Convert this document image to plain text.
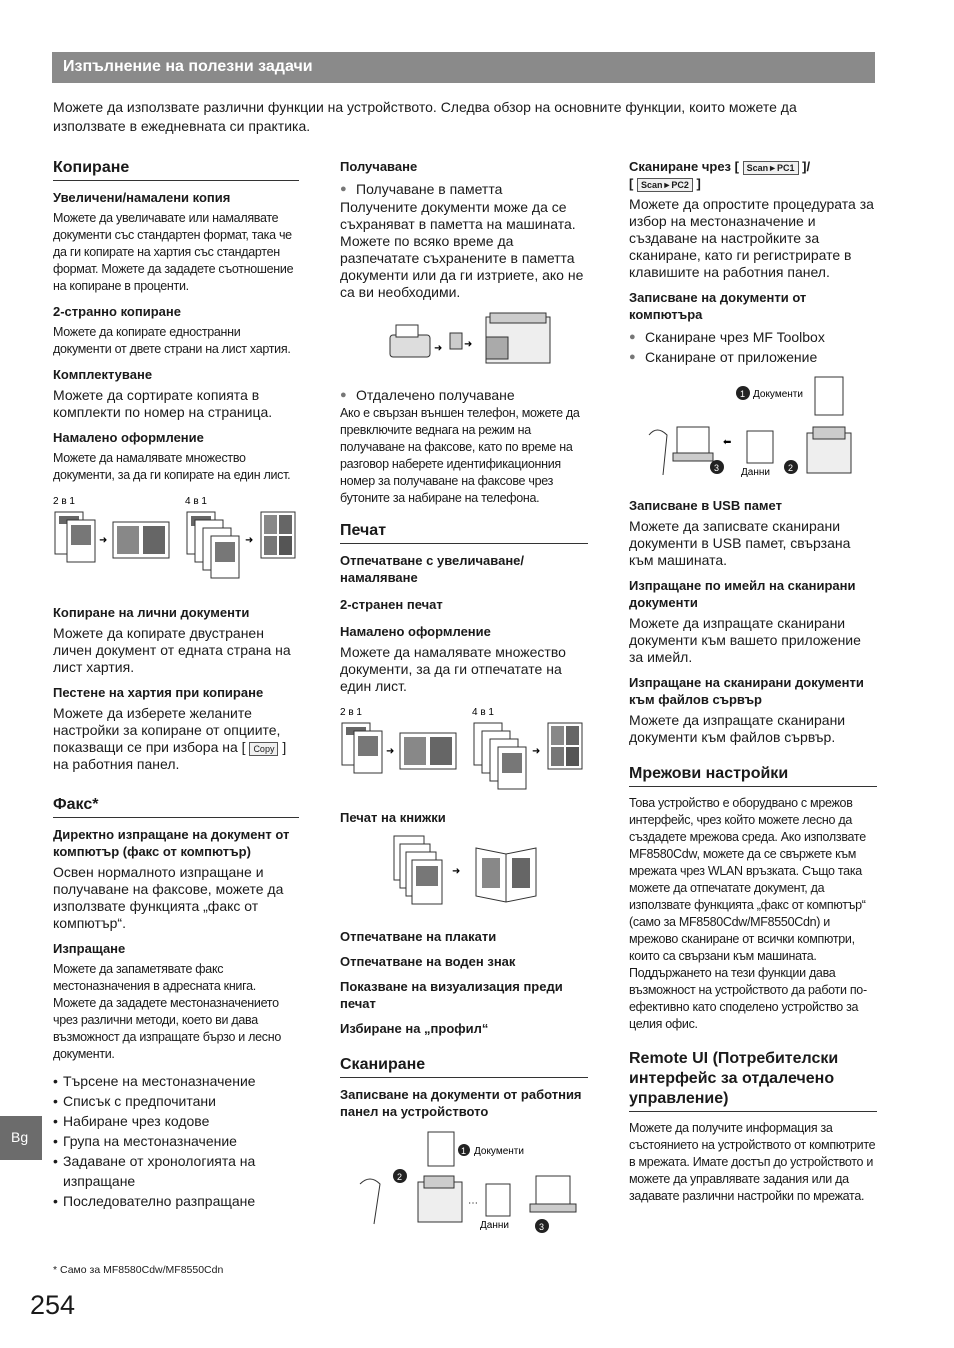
Изпълнение на полезни задачи
Можете да използвате различни функции на устройството. Следва обзор на основните функции, които можете да използвате в ежедневната си практика.
Копиране
Увеличени/намалени копия

Можете да увеличавате или намалявате документи със стандартен формат, така че да ги копирате на хартия със стандартен формат. Можете да зададете съотношение на копиране в проценти.

2-странно копиране

Можете да копирате едностранни документи от двете страни на лист хартия.

Комплектуване

Можете да сортирате копията в комплекти по номер на страница.

Намалено оформление

Можете да намалявате множество документи, за да ги копирате на един лист.

2 в 1	4 в 1
➜	➜
Копиране на лични документи

Можете да копирате двустранен личен документ от едната страна на лист хартия.

Пестене на хартия при копиране

Можете да изберете желаните настройки за копиране от опциите, показващи се при избора на [ Copy ] на работния панел.

Факс*
Директно изпращане на документ от компютър (факс от компютър)

Освен нормалното изпращане и получаване на факсове, можете да използвате функцията „факс от компютър“.

Изпращане

Можете да запаметявате факс местоназначения в адресната книга. Можете да зададете местоназначението чрез различни методи, което ви дава възможност да изпращате бързо и лесно документи.

• Търсене на местоназначение
• Списък с предпочитани
• Набиране чрез кодове
• Група на местоназначение
• Задаване от хронологията на изпращане
• Последователно разпращане
Получаване
● Получаване в паметта

Получените документи може да се съхраняват в паметта на машината. Можете по всяко време да разпечатате съхранените в паметта документи или да ги изтриете, ако не са ви необходими.

➜ ➜
● Отдалечено получаване

Ако е свързан външен телефон, можете да превключите веднага на режим на получаване на факсове, като по време на разговор наберете идентификационния номер за получаване на факсове чрез бутоните за набиране на телефона.

Печат
Отпечатване с увеличаване/намаляване
2-странен печат
Намалено оформление

Можете да намалявате множество документи, за да ги отпечатате на един лист.

2 в 1	4 в 1
➜	➜
Печат на книжки
➜
Отпечатване на плакати
Отпечатване на воден знак
Показване на визуализация преди печат
Избиране на „профил“
Сканиране
Записване на документи от работния панел на устройството
1 Документи
2
⋯
Данни	3
Сканиране чрез [ Scan►PC1 ]/
[ Scan►PC2 ]

Можете да опростите процедурата за избор на местоназначение и създаване на настройките за сканиране, като ги регистрирате в клавишите на работния панел.

Записване на документи от компютъра
● Сканиране чрез MF Toolbox
● Сканиране от приложение
1 Документи
3
⬅
Данни 2
Записване в USB памет

Можете да записвате сканирани документи в USB памет, свързана към машината.

Изпращане по имейл на сканирани документи

Можете да изпращате сканирани документи към вашето приложение за имейл.

Изпращане на сканирани документи към файлов сървър

Можете да изпращате сканирани документи към файлов сървър.

Мрежови настройки

Това устройство е оборудвано с мрежов интерфейс, чрез който можете лесно да създадете мрежова среда. Ако използвате MF8580Cdw, можете да се свържете към мрежата чрез WLAN връзката. Също така можете да отпечатате документ, да използвате функцията „факс от компютър“ (само за MF8580Cdw/MF8550Cdn) и мрежово сканиране от всички компютри, които са свързани към машината. Поддържането на тези функции дава възможност на устройството да работи по-ефективно като споделено устройство за целия офис.

Remote UI (Потребителски интерфейс за отдалечено управление)

Можете да получите информация за състоянието на устройството от компютрите в мрежата. Имате достъп до устройството и можете да управлявате задания или да задавате различни настройки по мрежата.

Bg
* Само за MF8580Cdw/MF8550Cdn
254
